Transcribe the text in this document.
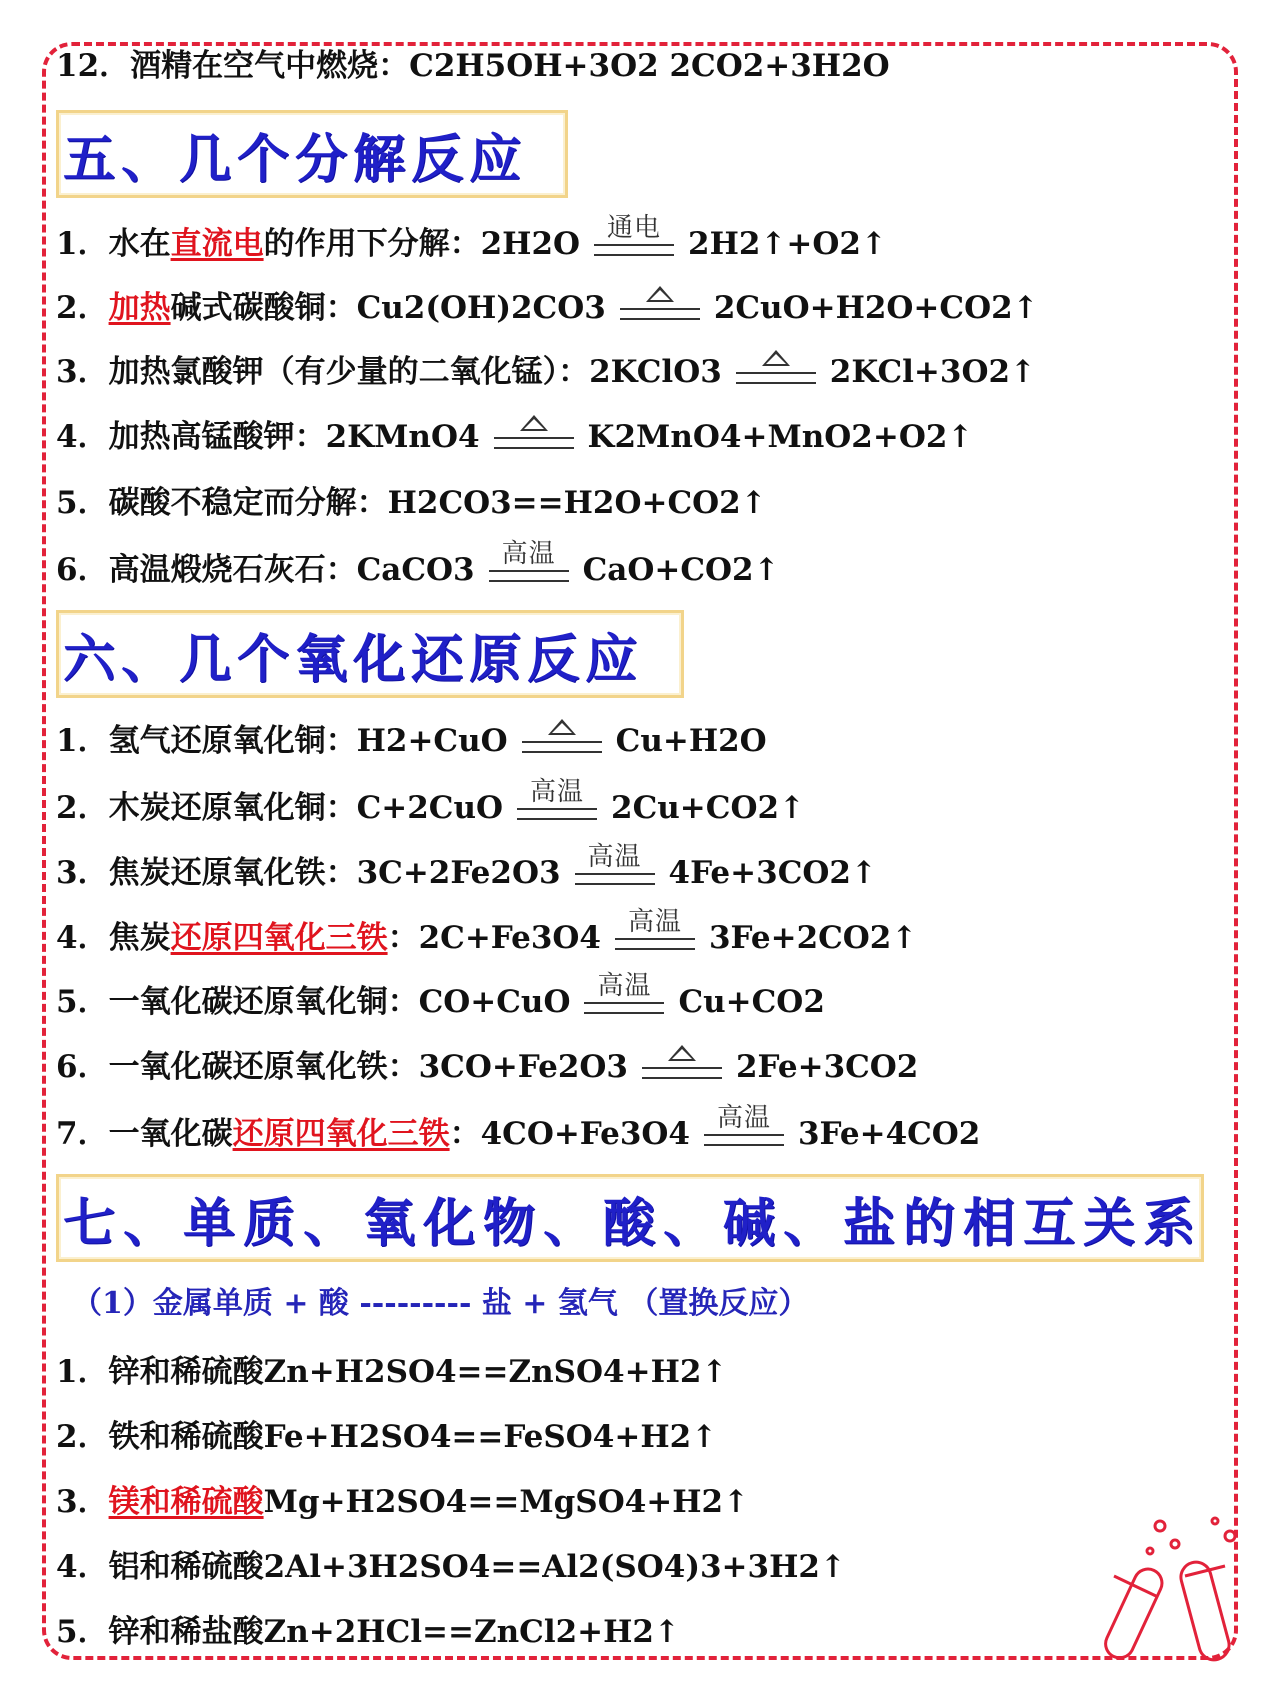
12．酒精在空气中燃烧： C2H5OH+3O2 2CO2+3H2O
五、几个分解反应
1． 水在 直流电 的作用下分解： 2H2O 通电 2H2↑+O2↑
2． 加热 碱式碳酸铜： Cu2(OH)2CO3	2CuO+H2O+CO2↑
3． 加热氯酸钾（有少量的二氧化锰）： 2KClO3	2KCl+3O2↑
4． 加热高锰酸钾： 2KMnO4	K2MnO4+MnO2+O2↑
5． 碳酸不稳定而分解： H2CO3==H2O+CO2↑
6． 高温煅烧石灰石： CaCO3 高温 CaO+CO2↑
六、几个氧化还原反应
1． 氢气还原氧化铜： H2+CuO	Cu+H2O
2． 木炭还原氧化铜： C+2CuO 高温 2Cu+CO2↑
3． 焦炭还原氧化铁： 3C+2Fe2O3 高温 4Fe+3CO2↑
4． 焦炭 还原四氧化三铁 ： 2C+Fe3O4 高温 3Fe+2CO2↑
5． 一氧化碳还原氧化铜： CO+CuO 高温 Cu+CO2
6． 一氧化碳还原氧化铁： 3CO+Fe2O3	2Fe+3CO2
7． 一氧化碳 还原四氧化三铁 ： 4CO+Fe3O4 高温 3Fe+4CO2
七、单质、氧化物、酸、碱、盐的相互关系
（1）金属单质 + 酸 --------- 盐 + 氢气 （置换反应）
1． 锌和稀硫酸 Zn+H2SO4==ZnSO4+H2↑
2． 铁和稀硫酸 Fe+H2SO4==FeSO4+H2↑
3． 镁和稀硫酸 Mg+H2SO4==MgSO4+H2↑
4． 铝和稀硫酸 2Al+3H2SO4==Al2(SO4)3+3H2↑
5． 锌和稀盐酸 Zn+2HCl==ZnCl2+H2↑
